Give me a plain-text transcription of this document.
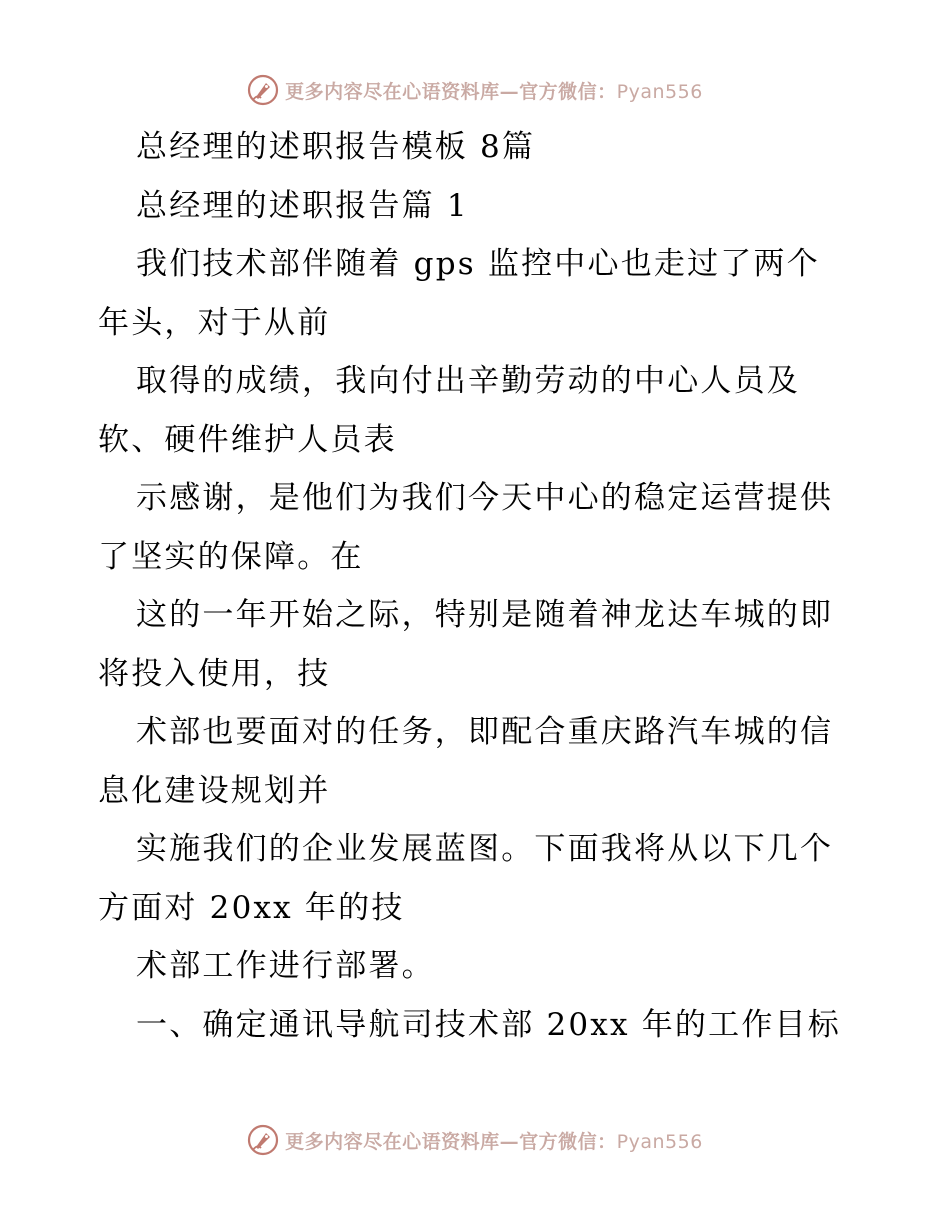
更多内容尽在心语资料库—官方微信：Pyan556
总经理的述职报告模板 8篇
总经理的述职报告篇 1
我们技术部伴随着 gps 监控中心也走过了两个
年头，对于从前
取得的成绩，我向付出辛勤劳动的中心人员及
软、硬件维护人员表
示感谢，是他们为我们今天中心的稳定运营提供
了坚实的保障。在
这的一年开始之际，特别是随着神龙达车城的即
将投入使用，技
术部也要面对的任务，即配合重庆路汽车城的信
息化建设规划并
实施我们的企业发展蓝图。下面我将从以下几个
方面对 20xx 年的技
术部工作进行部署。
一、确定通讯导航司技术部 20xx 年的工作目标
更多内容尽在心语资料库—官方微信：Pyan556
